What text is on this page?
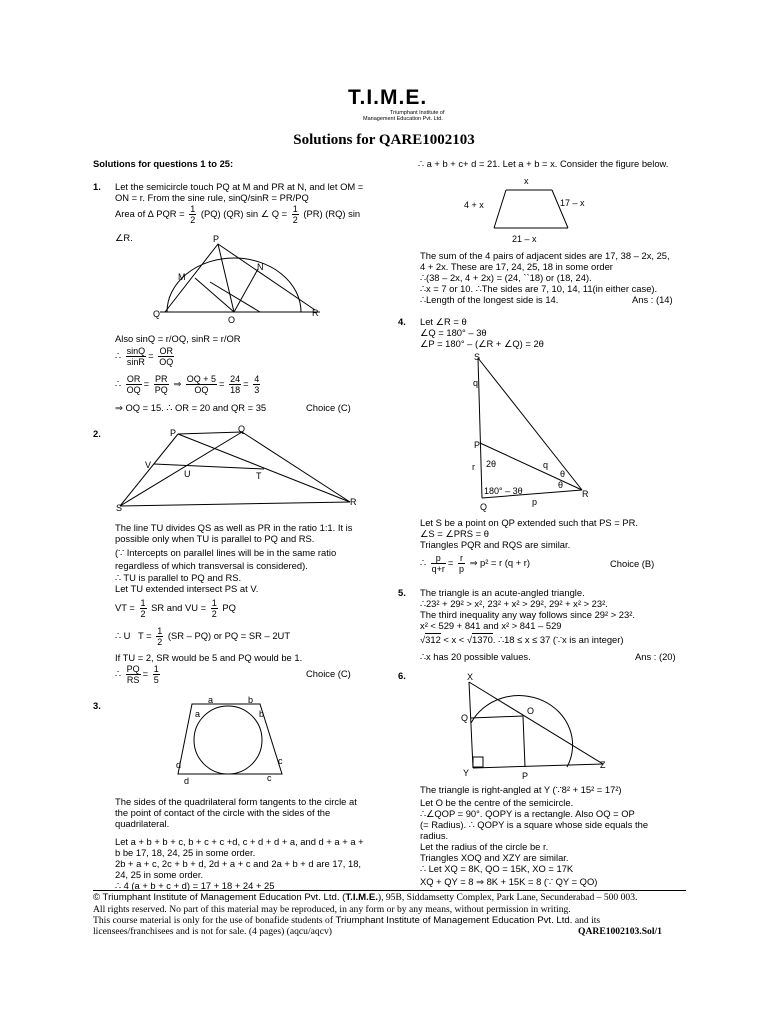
T.I.M.E.
Triumphant Institute of
Management Education Pvt. Ltd.
Solutions for QARE1002103
Solutions for questions 1 to 25:
1. Let the semicircle touch PQ at M and PR at N, and let OM =
ON = r. From the sine rule, sinQ/sinR = PR/PQ
Area of ∆ PQR = $\frac{1}{2} (PQ)$ (QR) sin ∠ $Q = \frac{1}{2} (PR)$ (RQ) sin
∠R.	P
M
N
Q
O
R
Also sinQ = r/OQ, sinR = r/OR
∴ $\frac{\sin Q}{\sin R} = \frac{OR}{OQ}$
∴ $\frac{OR}{OQ} = \frac{PR}{PQ}$ ⇒ $\frac{OQ + 5}{OQ} = \frac{24}{18} = \frac{4}{3}$
⇒ OQ = 15. ∴ OR = 20 and QR = 35	Choice (C)
2.	P	Q
V
U	T
S
R
The line TU divides QS as well as PR in the ratio 1:1. It is
possible only when TU is parallel to PQ and RS.
(∵ Intercepts on parallel lines will be in the same ratio
regardless of which transversal is considered).
∴ TU is parallel to PQ and RS.
Let TU extended intersect PS at V.
VT = $\frac{1}{2}$ SR and VU = $\frac{1}{2}$ PQ
∴ U $T = \frac{1}{2} (SR - PQ)$ or PQ = SR – 2UT
If TU = 2, SR would be 5 and PQ would be 1.
∴ $\frac{PQ}{RS} = \frac{1}{5}$	Choice (C)
3.	a	b
a	b
d	c
d	c
The sides of the quadrilateral form tangents to the circle at
the point of contact of the circle with the sides of the
quadrilateral.
Let a + b + b + c, b + c + c +d, c + d + d + a, and d + a + a +
b be 17, 18, 24, 25 in some order.
2b + a + c, 2c + b + d, 2d + a + c and 2a + b + d are 17, 18,
24, 25 in some order.
∴ 4 (a + b + c + d) = 17 + 18 + 24 + 25
∴ a + b + c+ d = 21. Let a + b = x. Consider the figure below.
x
4 + x	17 – x
21 – x
The sum of the 4 pairs of adjacent sides are 17, 38 – 2x, 25,
4 + 2x. These are 17, 24, 25, 18 in some order
∴(38 – 2x, 4 + 2x) = (24, ``18) or (18, 24).
∴x = 7 or 10. ∴The sides are 7, 10, 14, 11(in either case).
∴Length of the longest side is 14.	Ans : (14)
4. Let ∠R = θ
∠Q = 180° – 3θ
∠P = 180° – (∠R + ∠Q) = 2θ
S
q
P
r 2θ	q
θ
θ
180° – 3θ
p
R
Q
Let S be a point on QP extended such that PS = PR.
∠S = ∠PRS = θ
Triangles PQR and RQS are similar.
∴ $\frac{p}{q+r} = \frac{r}{p}$ ⇒ p² = r (q + r)	Choice (B)
5. The triangle is an acute-angled triangle.
∴23² + 29² > x², 23² + x² > 29², 29² + x² > 23².
The third inequality any way follows since 29² > 23².
x² < 529 + 841 and x² > 841 – 529
√312 < x < √1370. ∴18 ≤ x ≤ 37 (∵x is an integer)
∴x has 20 possible values.	Ans : (20)
6.	X
O
Q
Y	P
Z
The triangle is right-angled at Y (∵8² + 15² = 17²)
Let O be the centre of the semicircle.
∴∠QOP = 90°. QOPY is a rectangle. Also OQ = OP
(= Radius). ∴ QOPY is a square whose side equals the
radius.
Let the radius of the circle be r.
Triangles XOQ and XZY are similar.
∴ Let XQ = 8K, QO = 15K, XO = 17K
XQ + QY = 8 ⇒ 8K + 15K = 8 (∵ QY = QO)
© Triumphant Institute of Management Education Pvt. Ltd. (T.I.M.E.), 95B, Siddamsetty Complex, Park Lane, Secunderabad – 500 003.
All rights reserved. No part of this material may be reproduced, in any form or by any means, without permission in writing.
This course material is only for the use of bonafide students of Triumphant Institute of Management Education Pvt. Ltd. and its
licensees/franchisees and is not for sale. (4 pages) (aqcu/aqcv)	QARE1002103.Sol/1
